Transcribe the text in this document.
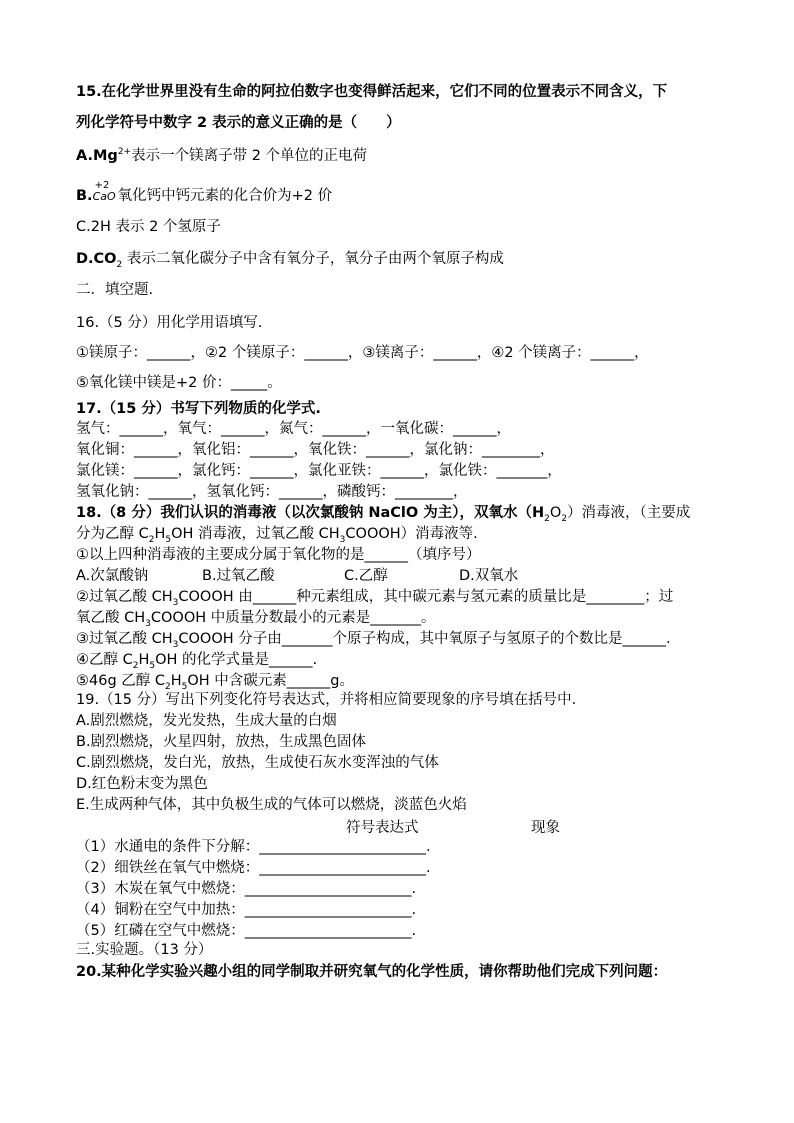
15.在化学世界里没有生命的阿拉伯数字也变得鲜活起来，它们不同的位置表示不同含义，下
列化学符号中数字 2 表示的意义正确的是（　　）
$A.Mg^{2+}$表示一个镁离子带 2 个单位的正电荷
B.
+2
CaO 氧化钙中钙元素的化合价为+2 价
C.2H 表示 2 个氢原子
$D.CO_2$ 表示二氧化碳分子中含有氧分子，氧分子由两个氧原子构成
二．填空题.
16.（5 分）用化学用语填写.
①镁原子：______，②2 个镁原子：______，③镁离子：______，④2 个镁离子：______，
⑤氧化镁中镁是+2 价：_____。
17.（15 分）书写下列物质的化学式.
氢气：______，氧气：______，氮气：______，一氧化碳：______，
氧化铜：______，氧化铝：______，氧化铁：______，氯化钠：________，
氯化镁：______，氯化钙：______，氯化亚铁：______，氯化铁：_______，
氢氧化钠：______，氢氧化钙：______，磷酸钙：________，
18.（8 分）我们认识的消毒液（以次氯酸钠 NaClO 为主），双氧水$(H_2O_2)$消毒液，（主要成
分为乙醇 $C_2H_5OH$ 消毒液，过氧乙酸 $CH_3COOOH$）消毒液等.
①以上四种消毒液的主要成分属于氧化物的是______（填序号）
A.次氯酸钠	B.过氧乙酸	C.乙醇	D.双氧水
②过氧乙酸 $CH_3COOOH$ 由______种元素组成，其中碳元素与氢元素的质量比是________；过
氧乙酸 $CH_3COOOH$ 中质量分数最小的元素是_______。
③过氧乙酸 $CH_3COOOH$ 分子由_______个原子构成，其中氧原子与氢原子的个数比是______.
④乙醇 $C_2H_5OH$ 的化学式量是______.
⑤46g 乙醇 $C_2H_5OH$ 中含碳元素______g。
19.（15 分）写出下列变化符号表达式，并将相应简要现象的序号填在括号中.
A.剧烈燃烧，发光发热，生成大量的白烟
B.剧烈燃烧，火星四射，放热，生成黑色固体
C.剧烈燃烧，发白光，放热，生成使石灰水变浑浊的气体
D.红色粉末变为黑色
E.生成两种气体，其中负极生成的气体可以燃烧，淡蓝色火焰
符号表达式	现象
（1）水通电的条件下分解：_______________________.
（2）细铁丝在氧气中燃烧：_______________________.
（3）木炭在氧气中燃烧：_______________________.
（4）铜粉在空气中加热：_______________________.
（5）红磷在空气中燃烧：_______________________.
三.实验题。（13 分）
20.某种化学实验兴趣小组的同学制取并研究氧气的化学性质，请你帮助他们完成下列问题：
